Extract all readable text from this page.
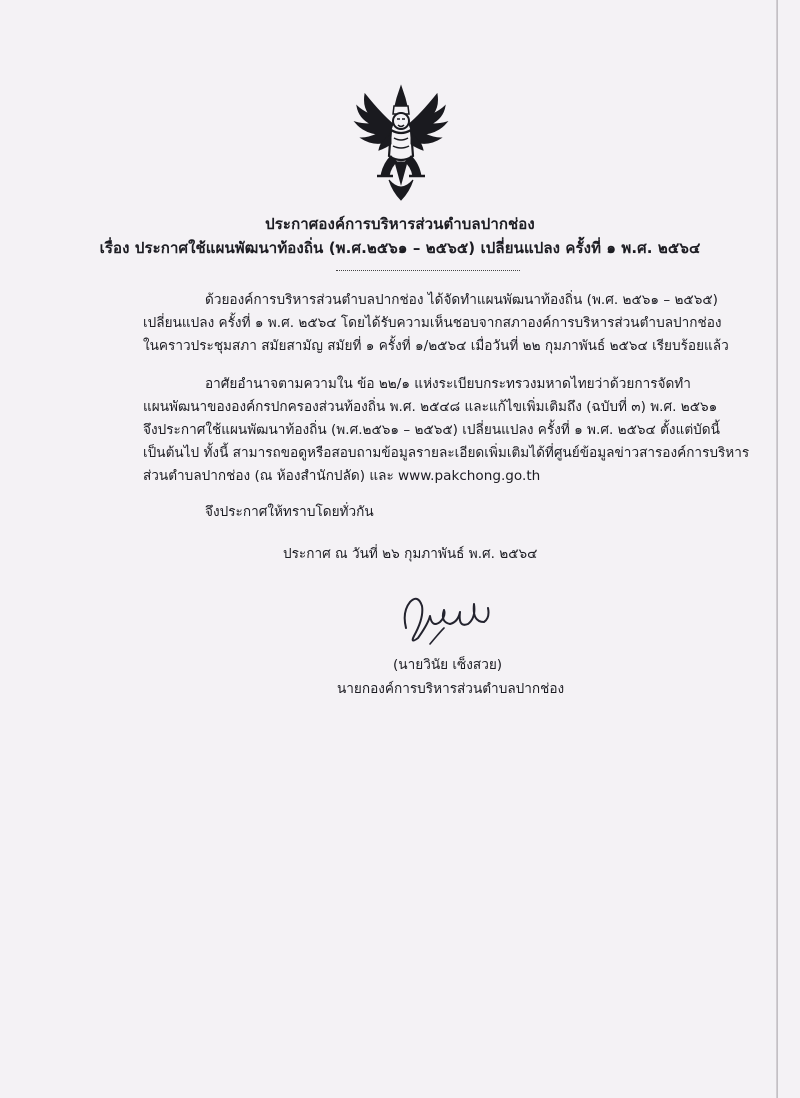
ประกาศองค์การบริหารส่วนตำบลปากช่อง
เรื่อง ประกาศใช้แผนพัฒนาท้องถิ่น (พ.ศ.๒๕๖๑ – ๒๕๖๕) เปลี่ยนแปลง ครั้งที่ ๑ พ.ศ. ๒๕๖๔
ด้วยองค์การบริหารส่วนตำบลปากช่อง ได้จัดทำแผนพัฒนาท้องถิ่น (พ.ศ. ๒๕๖๑ – ๒๕๖๕)
เปลี่ยนแปลง ครั้งที่ ๑ พ.ศ. ๒๕๖๔ โดยได้รับความเห็นชอบจากสภาองค์การบริหารส่วนตำบลปากช่อง
ในคราวประชุมสภา สมัยสามัญ สมัยที่ ๑ ครั้งที่ ๑/๒๕๖๔ เมื่อวันที่ ๒๒ กุมภาพันธ์ ๒๕๖๔ เรียบร้อยแล้ว
อาศัยอำนาจตามความใน ข้อ ๒๒/๑ แห่งระเบียบกระทรวงมหาดไทยว่าด้วยการจัดทำ
แผนพัฒนาขององค์กรปกครองส่วนท้องถิ่น พ.ศ. ๒๕๔๘ และแก้ไขเพิ่มเติมถึง (ฉบับที่ ๓) พ.ศ. ๒๕๖๑
จึงประกาศใช้แผนพัฒนาท้องถิ่น (พ.ศ.๒๕๖๑ – ๒๕๖๕) เปลี่ยนแปลง ครั้งที่ ๑ พ.ศ. ๒๕๖๔ ตั้งแต่บัดนี้
เป็นต้นไป ทั้งนี้ สามารถขอดูหรือสอบถามข้อมูลรายละเอียดเพิ่มเติมได้ที่ศูนย์ข้อมูลข่าวสารองค์การบริหาร
ส่วนตำบลปากช่อง (ณ ห้องสำนักปลัด) และ www.pakchong.go.th
จึงประกาศให้ทราบโดยทั่วกัน
ประกาศ ณ วันที่ ๒๖ กุมภาพันธ์ พ.ศ. ๒๕๖๔
(นายวินัย เซ็งสวย)
นายกองค์การบริหารส่วนตำบลปากช่อง
